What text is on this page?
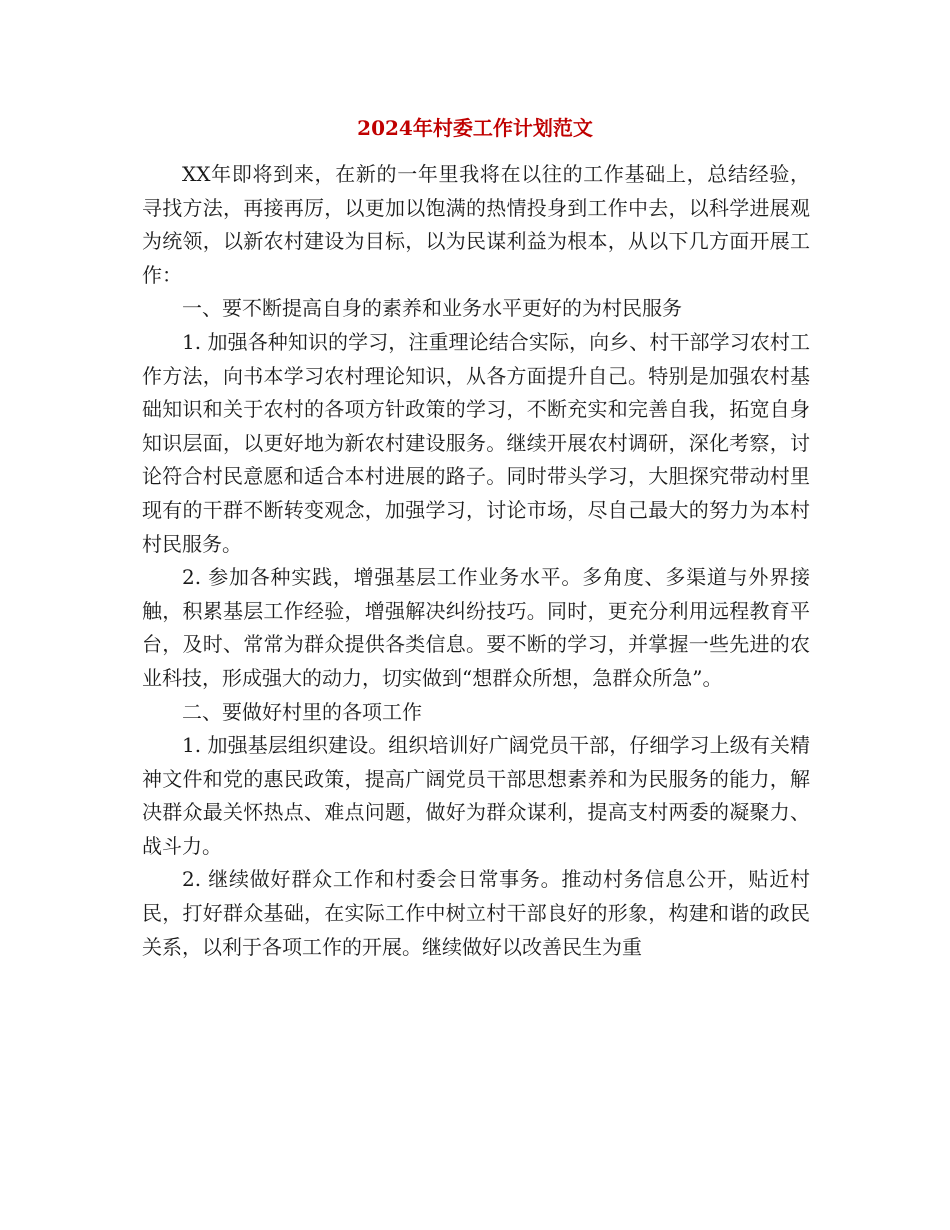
2024年村委工作计划范文

XX年即将到来，在新的一年里我将在以往的工作基础上，总结经验，寻找方法，再接再厉，以更加以饱满的热情投身到工作中去，以科学进展观为统领，以新农村建设为目标，以为民谋利益为根本，从以下几方面开展工作：

一、要不断提高自身的素养和业务水平更好的为村民服务

1. 加强各种知识的学习，注重理论结合实际，向乡、村干部学习农村工作方法，向书本学习农村理论知识，从各方面提升自己。特别是加强农村基础知识和关于农村的各项方针政策的学习，不断充实和完善自我，拓宽自身知识层面，以更好地为新农村建设服务。继续开展农村调研，深化考察，讨论符合村民意愿和适合本村进展的路子。同时带头学习，大胆探究带动村里现有的干群不断转变观念，加强学习，讨论市场，尽自己最大的努力为本村村民服务。

2. 参加各种实践，增强基层工作业务水平。多角度、多渠道与外界接触，积累基层工作经验，增强解决纠纷技巧。同时，更充分利用远程教育平台，及时、常常为群众提供各类信息。要不断的学习，并掌握一些先进的农业科技，形成强大的动力，切实做到“想群众所想，急群众所急”。

二、要做好村里的各项工作

1. 加强基层组织建设。组织培训好广阔党员干部，仔细学习上级有关精神文件和党的惠民政策，提高广阔党员干部思想素养和为民服务的能力，解决群众最关怀热点、难点问题，做好为群众谋利，提高支村两委的凝聚力、战斗力。

2. 继续做好群众工作和村委会日常事务。推动村务信息公开，贴近村民，打好群众基础，在实际工作中树立村干部良好的形象，构建和谐的政民关系，以利于各项工作的开展。继续做好以改善民生为重
